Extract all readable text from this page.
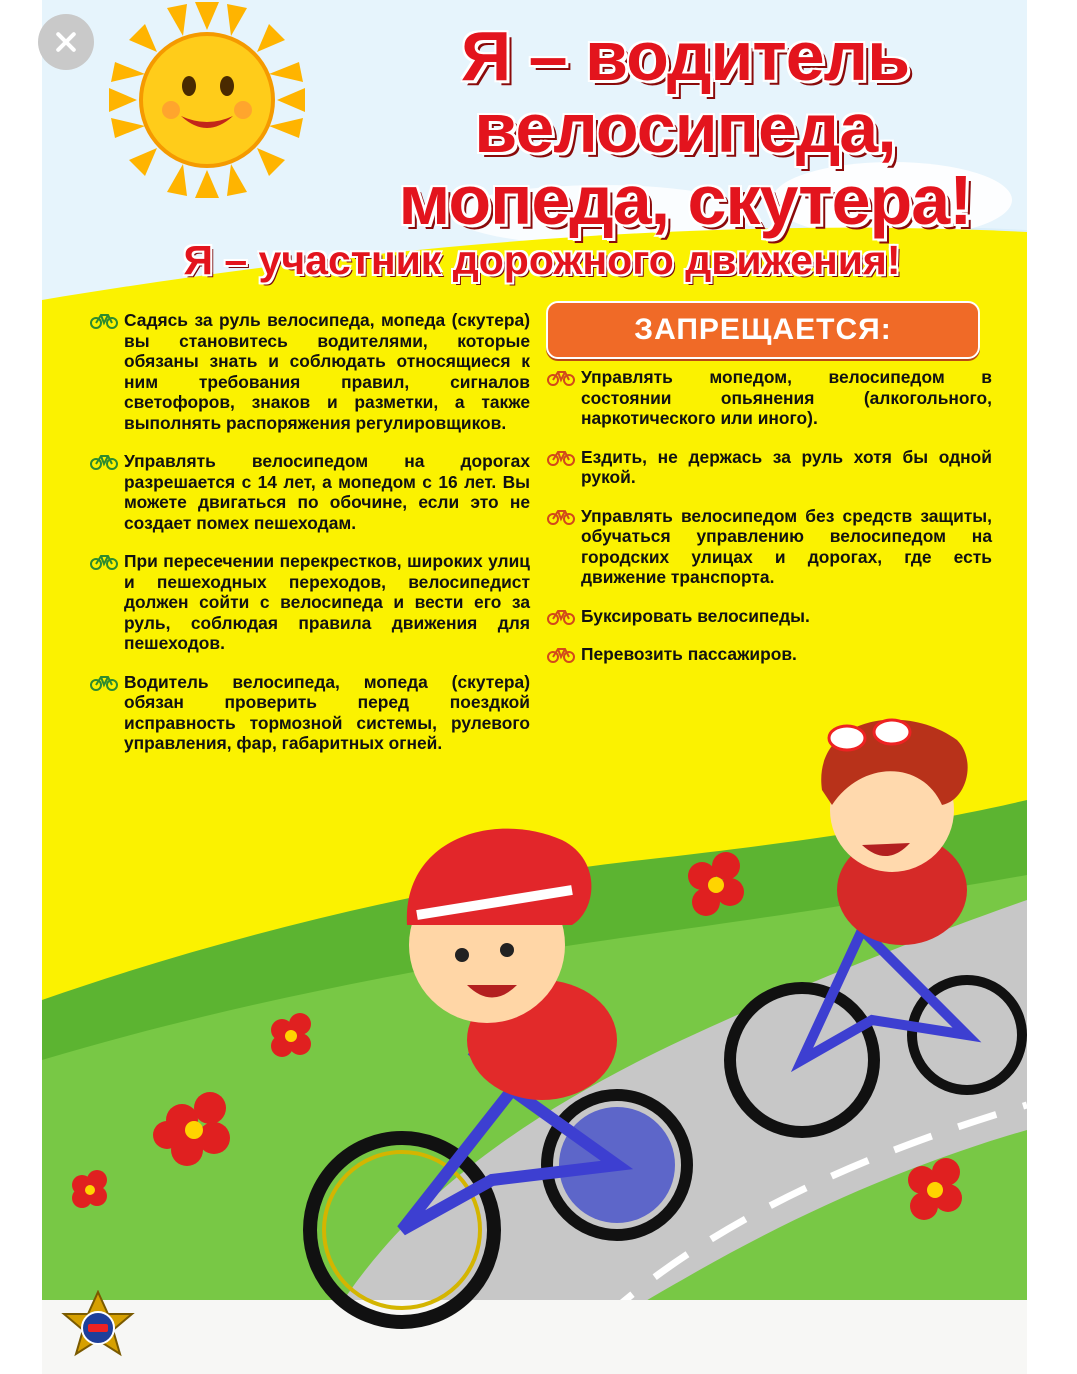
Я – водитель
велосипеда,
мопеда, скутера!
Я – участник дорожного движения!

Садясь за руль велосипеда, мопеда (скутера) вы становитесь водителями, которые обязаны знать и соблюдать относящиеся к ним требования правил, сигналов светофоров, знаков и разметки, а также выполнять распоряжения регулировщиков.

Управлять велосипедом на дорогах разрешается с 14 лет, а мопедом с 16 лет. Вы можете двигаться по обочине, если это не создает помех пешеходам.

При пересечении перекрестков, широких улиц и пешеходных переходов, велосипедист должен сойти с велосипеда и вести его за руль, соблюдая правила движения для пешеходов.

Водитель велосипеда, мопеда (скутера) обязан проверить перед поездкой исправность тормозной системы, рулевого управления, фар, габаритных огней.

ЗАПРЕЩАЕТСЯ:

Управлять мопедом, велосипедом в состоянии опьянения (алкогольного, наркотического или иного).

Ездить, не держась за руль хотя бы одной рукой.

Управлять велосипедом без средств защиты, обучаться управлению велосипедом на городских улицах и дорогах, где есть движение транспорта.

Буксировать велосипеды.

Перевозить пассажиров.
